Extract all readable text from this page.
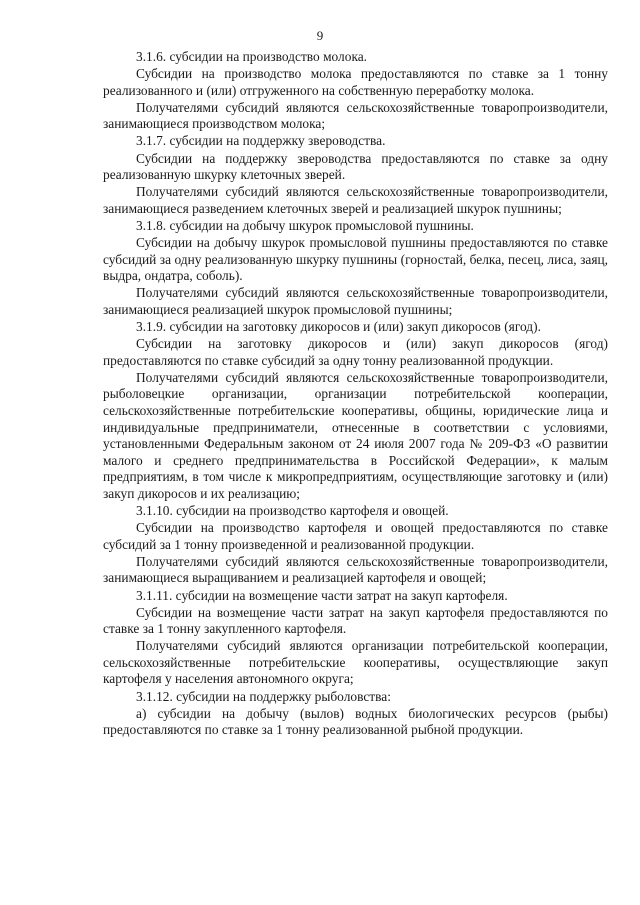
9

3.1.6. субсидии на производство молока.

Субсидии на производство молока предоставляются по ставке за 1 тонну реализованного и (или) отгруженного на собственную переработку молока.

Получателями субсидий являются сельскохозяйственные товаропроизводители, занимающиеся производством молока;

3.1.7. субсидии на поддержку звероводства.

Субсидии на поддержку звероводства предоставляются по ставке за одну реализованную шкурку клеточных зверей.

Получателями субсидий являются сельскохозяйственные товаропроизводители, занимающиеся разведением клеточных зверей и реализацией шкурок пушнины;

3.1.8. субсидии на добычу шкурок промысловой пушнины.

Субсидии на добычу шкурок промысловой пушнины предоставляются по ставке субсидий за одну реализованную шкурку пушнины (горностай, белка, песец, лиса, заяц, выдра, ондатра, соболь).

Получателями субсидий являются сельскохозяйственные товаропроизводители, занимающиеся реализацией шкурок промысловой пушнины;

3.1.9. субсидии на заготовку дикоросов и (или) закуп дикоросов (ягод).

Субсидии на заготовку дикоросов и (или) закуп дикоросов (ягод) предоставляются по ставке субсидий за одну тонну реализованной продукции.

Получателями субсидий являются сельскохозяйственные товаропроизводители, рыболовецкие организации, организации потребительской кооперации, сельскохозяйственные потребительские кооперативы, общины, юридические лица и индивидуальные предприниматели, отнесенные в соответствии с условиями, установленными Федеральным законом от 24 июля 2007 года № 209-ФЗ «О развитии малого и среднего предпринимательства в Российской Федерации», к малым предприятиям, в том числе к микропредприятиям, осуществляющие заготовку и (или) закуп дикоросов и их реализацию;

3.1.10. субсидии на производство картофеля и овощей.

Субсидии на производство картофеля и овощей предоставляются по ставке субсидий за 1 тонну произведенной и реализованной продукции.

Получателями субсидий являются сельскохозяйственные товаропроизводители, занимающиеся выращиванием и реализацией картофеля и овощей;

3.1.11. субсидии на возмещение части затрат на закуп картофеля.

Субсидии на возмещение части затрат на закуп картофеля предоставляются по ставке за 1 тонну закупленного картофеля.

Получателями субсидий являются организации потребительской кооперации, сельскохозяйственные потребительские кооперативы, осуществляющие закуп картофеля у населения автономного округа;

3.1.12. субсидии на поддержку рыболовства:

а) субсидии на добычу (вылов) водных биологических ресурсов (рыбы) предоставляются по ставке за 1 тонну реализованной рыбной продукции.
